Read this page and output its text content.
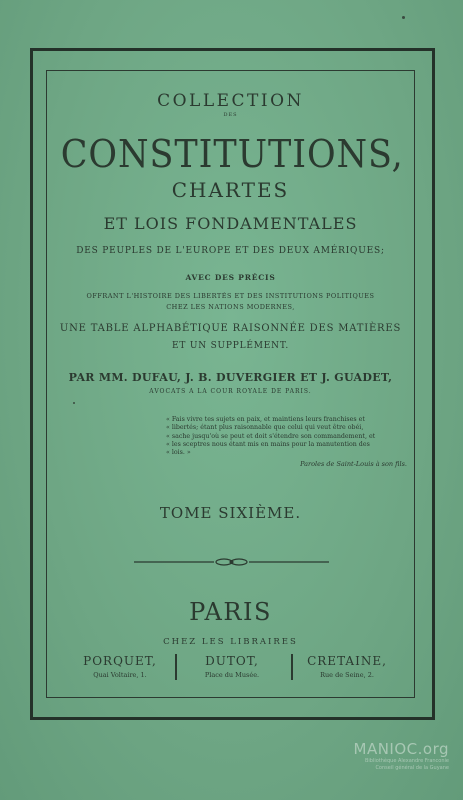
COLLECTION
DES
CONSTITUTIONS,
CHARTES
ET LOIS FONDAMENTALES
DES PEUPLES DE L'EUROPE ET DES DEUX AMÉRIQUES;
AVEC DES PRÉCIS
OFFRANT L'HISTOIRE DES LIBERTÉS ET DES INSTITUTIONS POLITIQUES
CHEZ LES NATIONS MODERNES,
UNE TABLE ALPHABÉTIQUE RAISONNÉE DES MATIÈRES
ET UN SUPPLÉMENT.
PAR MM. DUFAU, J. B. DUVERGIER ET J. GUADET,
AVOCATS A LA COUR ROYALE DE PARIS.
« Fais vivre tes sujets en paix, et maintiens leurs franchises et
« libertés; étant plus raisonnable que celui qui veut être obéi,
« sache jusqu'où se peut et doit s'étendre son commandement, et
« les sceptres nous étant mis en mains pour la manutention des
« lois. »
Paroles de Saint-Louis à son fils.
TOME SIXIÈME.
PARIS
CHEZ LES LIBRAIRES
PORQUET,
Quai Voltaire, 1.
DUTOT,
Place du Musée.
CRETAINE,
Rue de Seine, 2.
MANIOC.org
Bibliothèque Alexandre Franconie
Conseil général de la Guyane
